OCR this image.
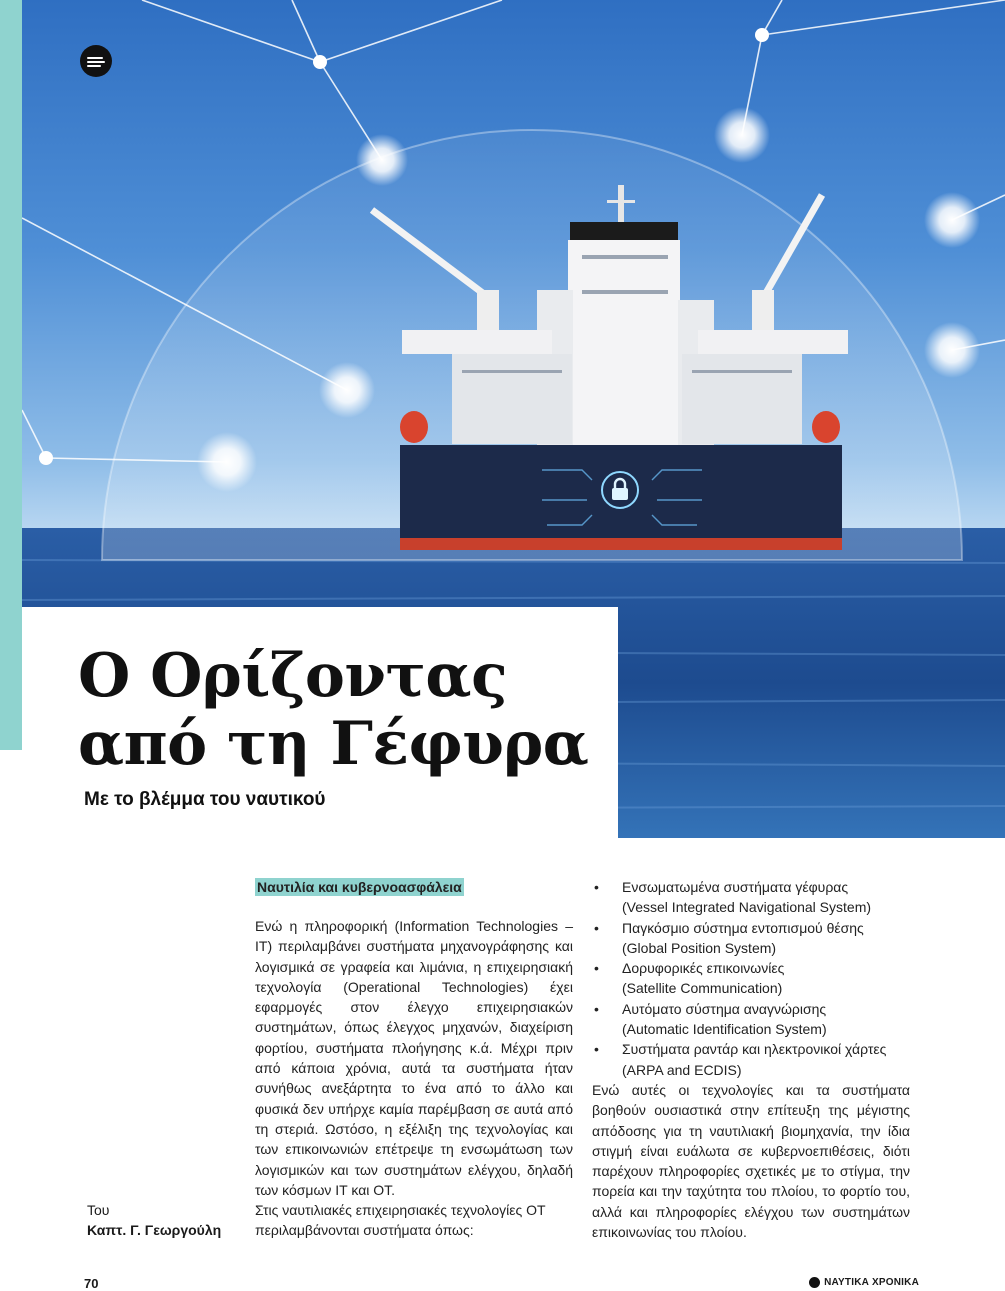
Ο Ορίζοντας
από τη Γέφυρα

Με το βλέμμα του ναυτικού

Του
Καπτ. Γ. Γεωργούλη
Ναυτιλία και κυβερνοασφάλεια

Ενώ η πληροφορική (Information Technologies – IT) περιλαμβάνει συστήματα μηχανογράφησης και λογισμικά σε γραφεία και λιμάνια, η επιχειρησιακή τεχνολογία (Operational Technologies) έχει εφαρμογές στον έλεγχο επιχειρησιακών συστημάτων, όπως έλεγχος μηχανών, διαχείριση φορτίου, συστήματα πλοήγησης κ.ά. Μέχρι πριν από κάποια χρόνια, αυτά τα συστήματα ήταν συνήθως ανεξάρτητα το ένα από το άλλο και φυσικά δεν υπήρχε καμία παρέμβαση σε αυτά από τη στεριά. Ωστόσο, η εξέλιξη της τεχνολογίας και των επικοινωνιών επέτρεψε τη ενσωμάτωση των λογισμικών και των συστημάτων ελέγχου, δηλαδή των κόσμων IT και OT.

Στις ναυτιλιακές επιχειρησιακές τεχνολογίες OT περιλαμβάνονται συστήματα όπως:

• Ενσωματωμένα συστήματα γέφυρας
(Vessel Integrated Navigational System)
• Παγκόσμιο σύστημα εντοπισμού θέσης
(Global Position System)
• Δορυφορικές επικοινωνίες
(Satellite Communication)
• Αυτόματο σύστημα αναγνώρισης
(Automatic Identification System)
• Συστήματα ραντάρ και ηλεκτρονικοί χάρτες
(ARPA and ECDIS)

Ενώ αυτές οι τεχνολογίες και τα συστήματα βοηθούν ουσιαστικά στην επίτευξη της μέγιστης απόδοσης για τη ναυτιλιακή βιομηχανία, την ίδια στιγμή είναι ευάλωτα σε κυβερνοεπιθέσεις, διότι παρέχουν πληροφορίες σχετικές με το στίγμα, την πορεία και την ταχύτητα του πλοίου, το φορτίο του, αλλά και πληροφορίες ελέγχου των συστημάτων επικοινωνίας του πλοίου.

70	ΝΑΥΤΙΚΑ ΧΡΟΝΙΚΑ
